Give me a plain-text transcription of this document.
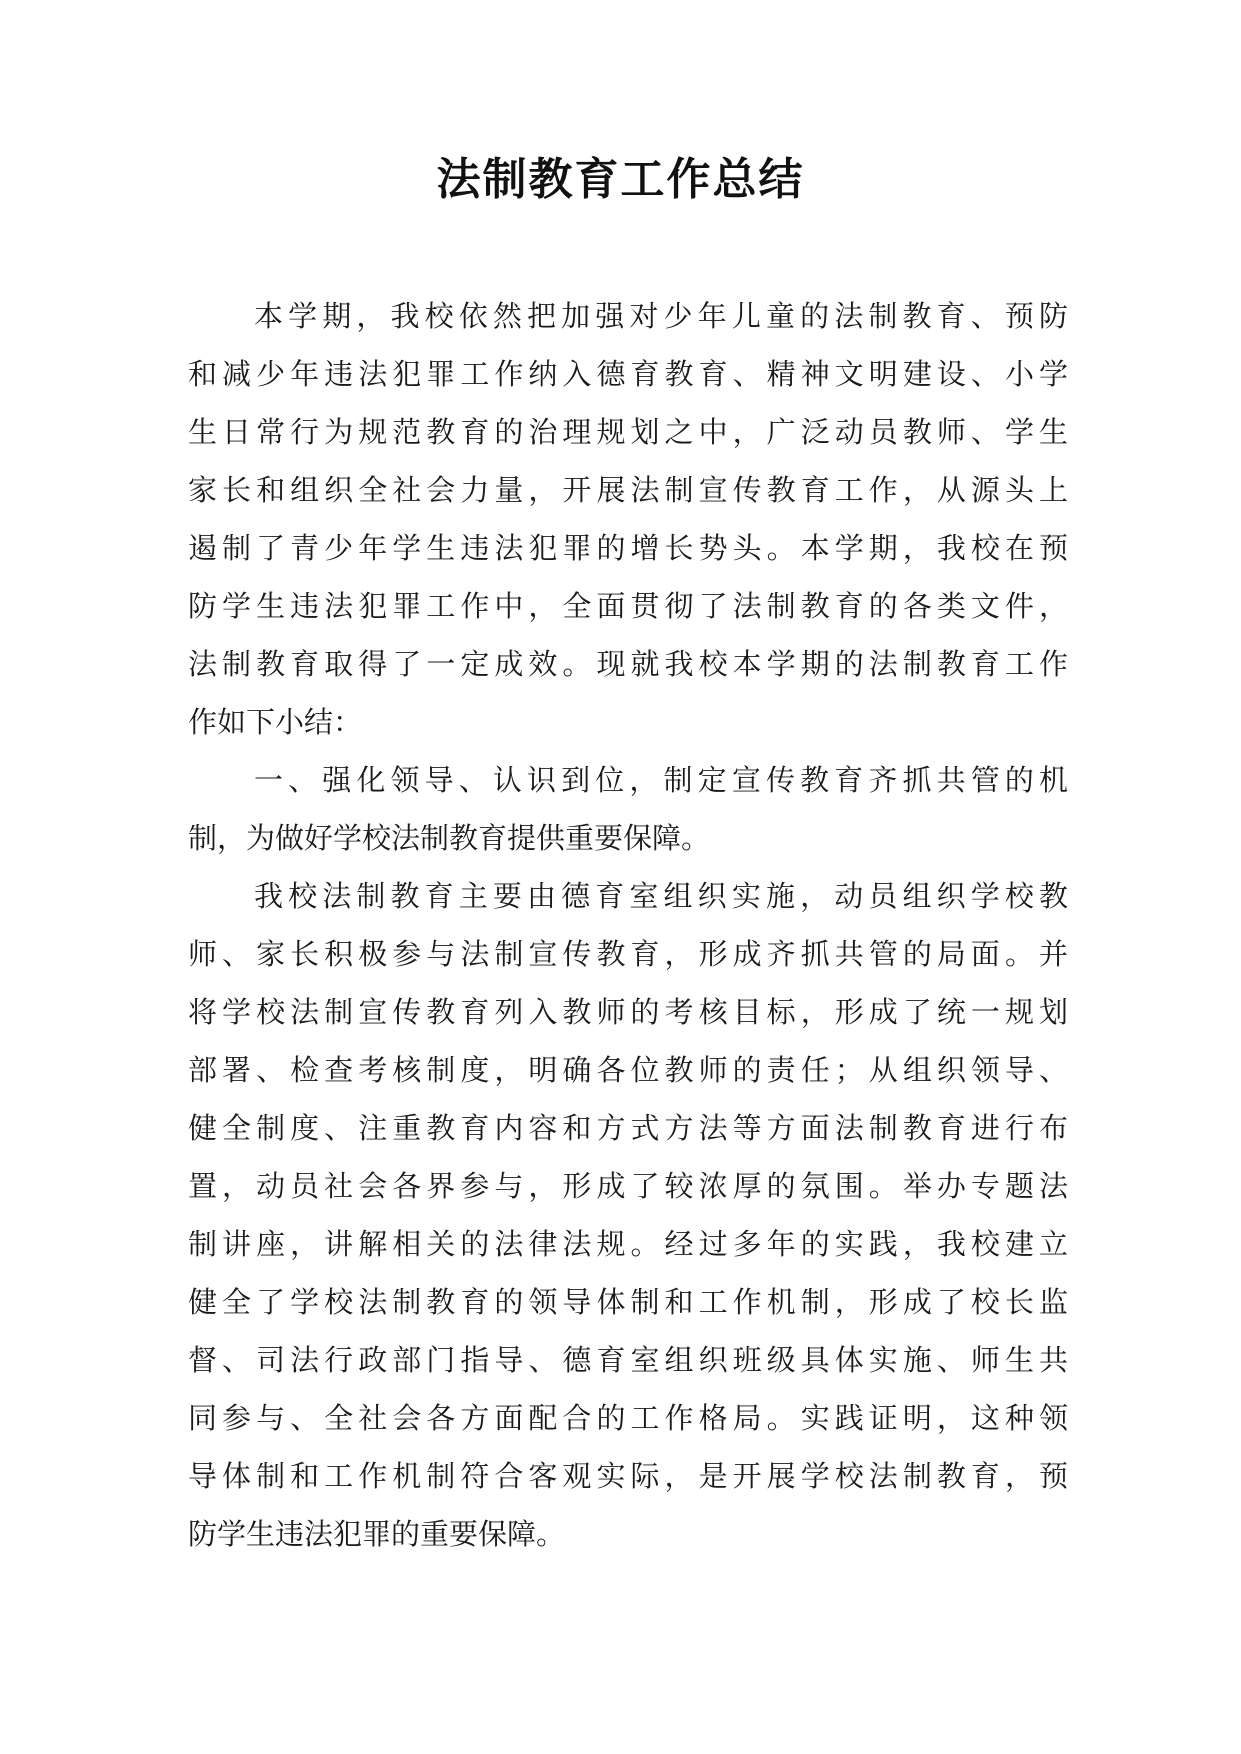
法制教育工作总结
本学期，我校依然把加强对少年儿童的法制教育、预防
和减少年违法犯罪工作纳入德育教育、精神文明建设、小学
生日常行为规范教育的治理规划之中，广泛动员教师、学生
家长和组织全社会力量，开展法制宣传教育工作，从源头上
遏制了青少年学生违法犯罪的增长势头。本学期，我校在预
防学生违法犯罪工作中，全面贯彻了法制教育的各类文件，
法制教育取得了一定成效。现就我校本学期的法制教育工作
作如下小结：
一、强化领导、认识到位，制定宣传教育齐抓共管的机
制，为做好学校法制教育提供重要保障。
我校法制教育主要由德育室组织实施，动员组织学校教
师、家长积极参与法制宣传教育，形成齐抓共管的局面。并
将学校法制宣传教育列入教师的考核目标，形成了统一规划
部署、检查考核制度，明确各位教师的责任；从组织领导、
健全制度、注重教育内容和方式方法等方面法制教育进行布
置，动员社会各界参与，形成了较浓厚的氛围。举办专题法
制讲座，讲解相关的法律法规。经过多年的实践，我校建立
健全了学校法制教育的领导体制和工作机制，形成了校长监
督、司法行政部门指导、德育室组织班级具体实施、师生共
同参与、全社会各方面配合的工作格局。实践证明，这种领
导体制和工作机制符合客观实际，是开展学校法制教育，预
防学生违法犯罪的重要保障。
